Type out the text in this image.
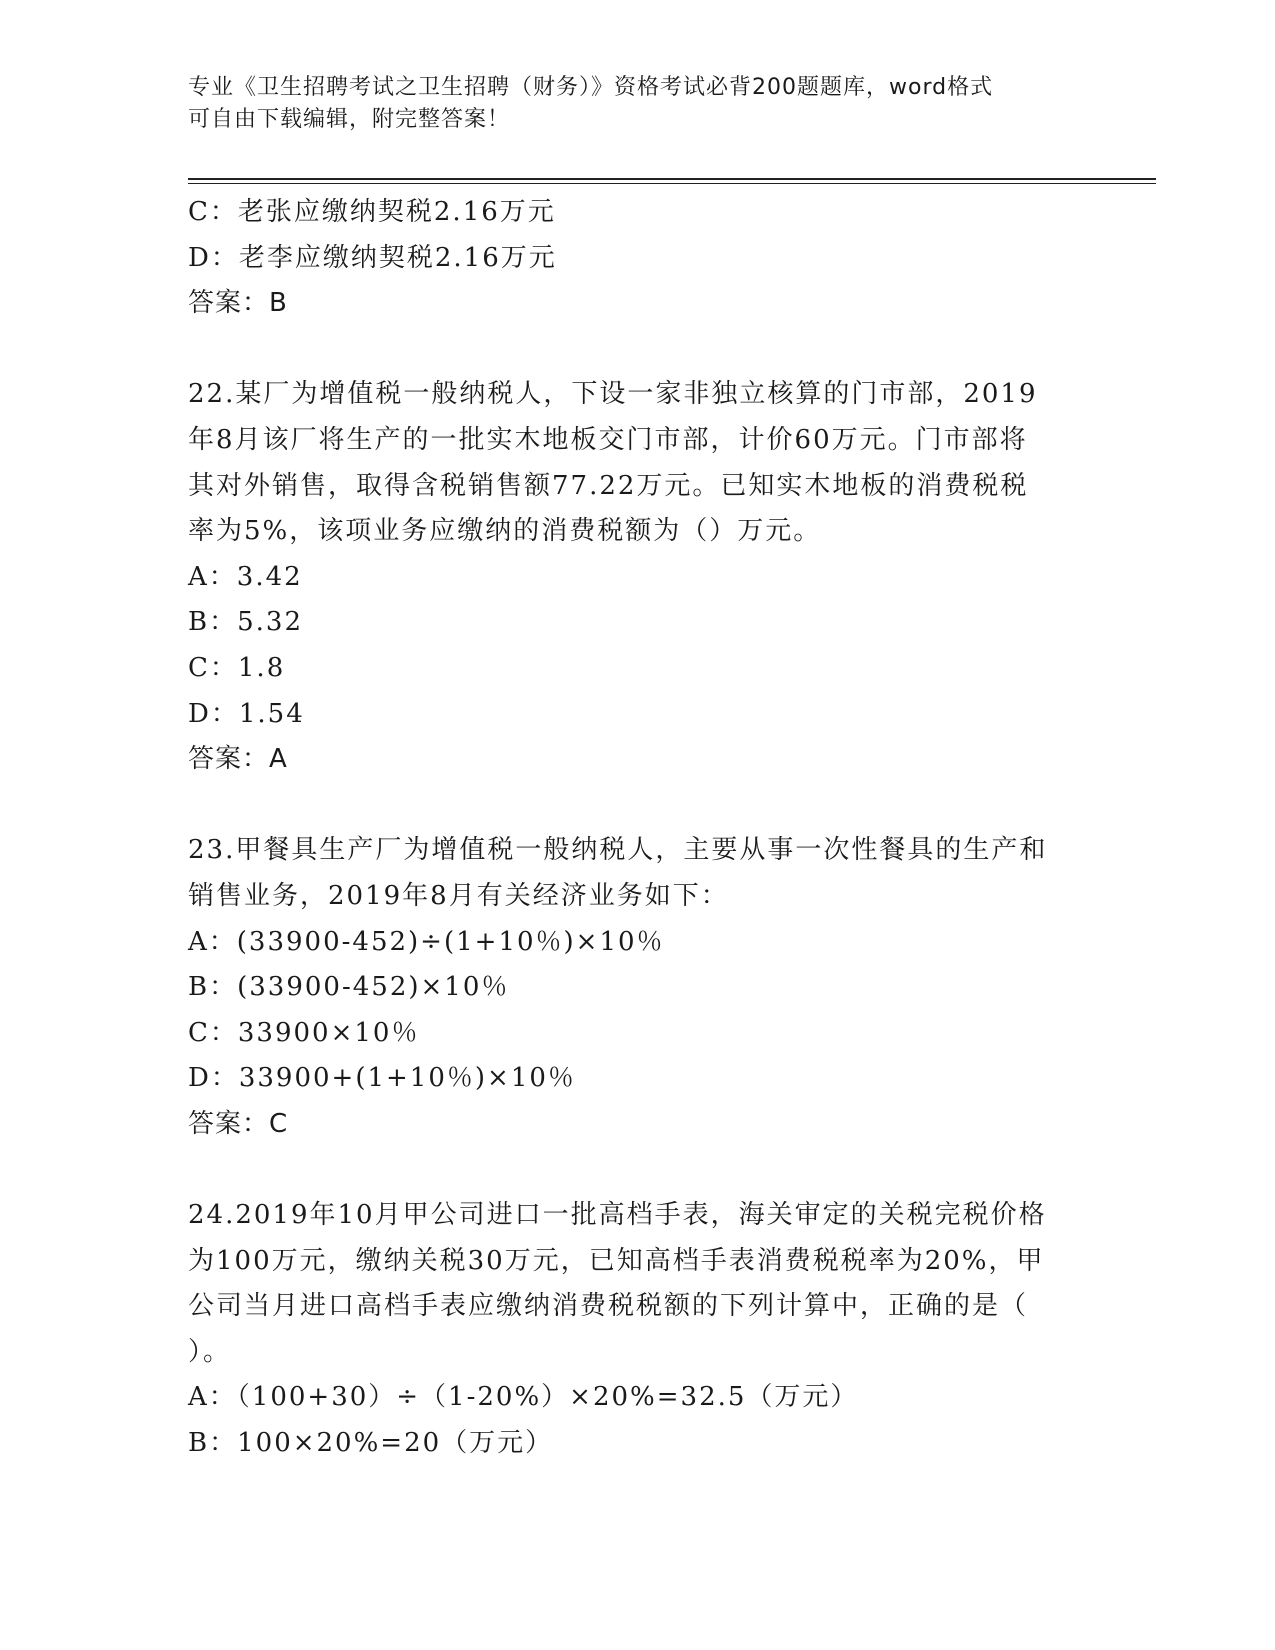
专业《卫生招聘考试之卫生招聘（财务）》资格考试必背200题题库，word格式
可自由下载编辑，附完整答案！
C：老张应缴纳契税2.16万元
D：老李应缴纳契税2.16万元
答案：B
22.某厂为增值税一般纳税人，下设一家非独立核算的门市部，2019
年8月该厂将生产的一批实木地板交门市部，计价60万元。门市部将
其对外销售，取得含税销售额77.22万元。已知实木地板的消费税税
率为5%，该项业务应缴纳的消费税额为（）万元。
A：3.42
B：5.32
C：1.8
D：1.54
答案：A
23.甲餐具生产厂为增值税一般纳税人，主要从事一次性餐具的生产和
销售业务，2019年8月有关经济业务如下：
A：(33900-452)÷(1+10％)×10％
B：(33900-452)×10％
C：33900×10％
D：33900+(1+10％)×10％
答案：C
24.2019年10月甲公司进口一批高档手表，海关审定的关税完税价格
为100万元，缴纳关税30万元，已知高档手表消费税税率为20%，甲
公司当月进口高档手表应缴纳消费税税额的下列计算中，正确的是（
）。
A：（100+30）÷（1-20%）×20%=32.5（万元）
B：100×20%=20（万元）
